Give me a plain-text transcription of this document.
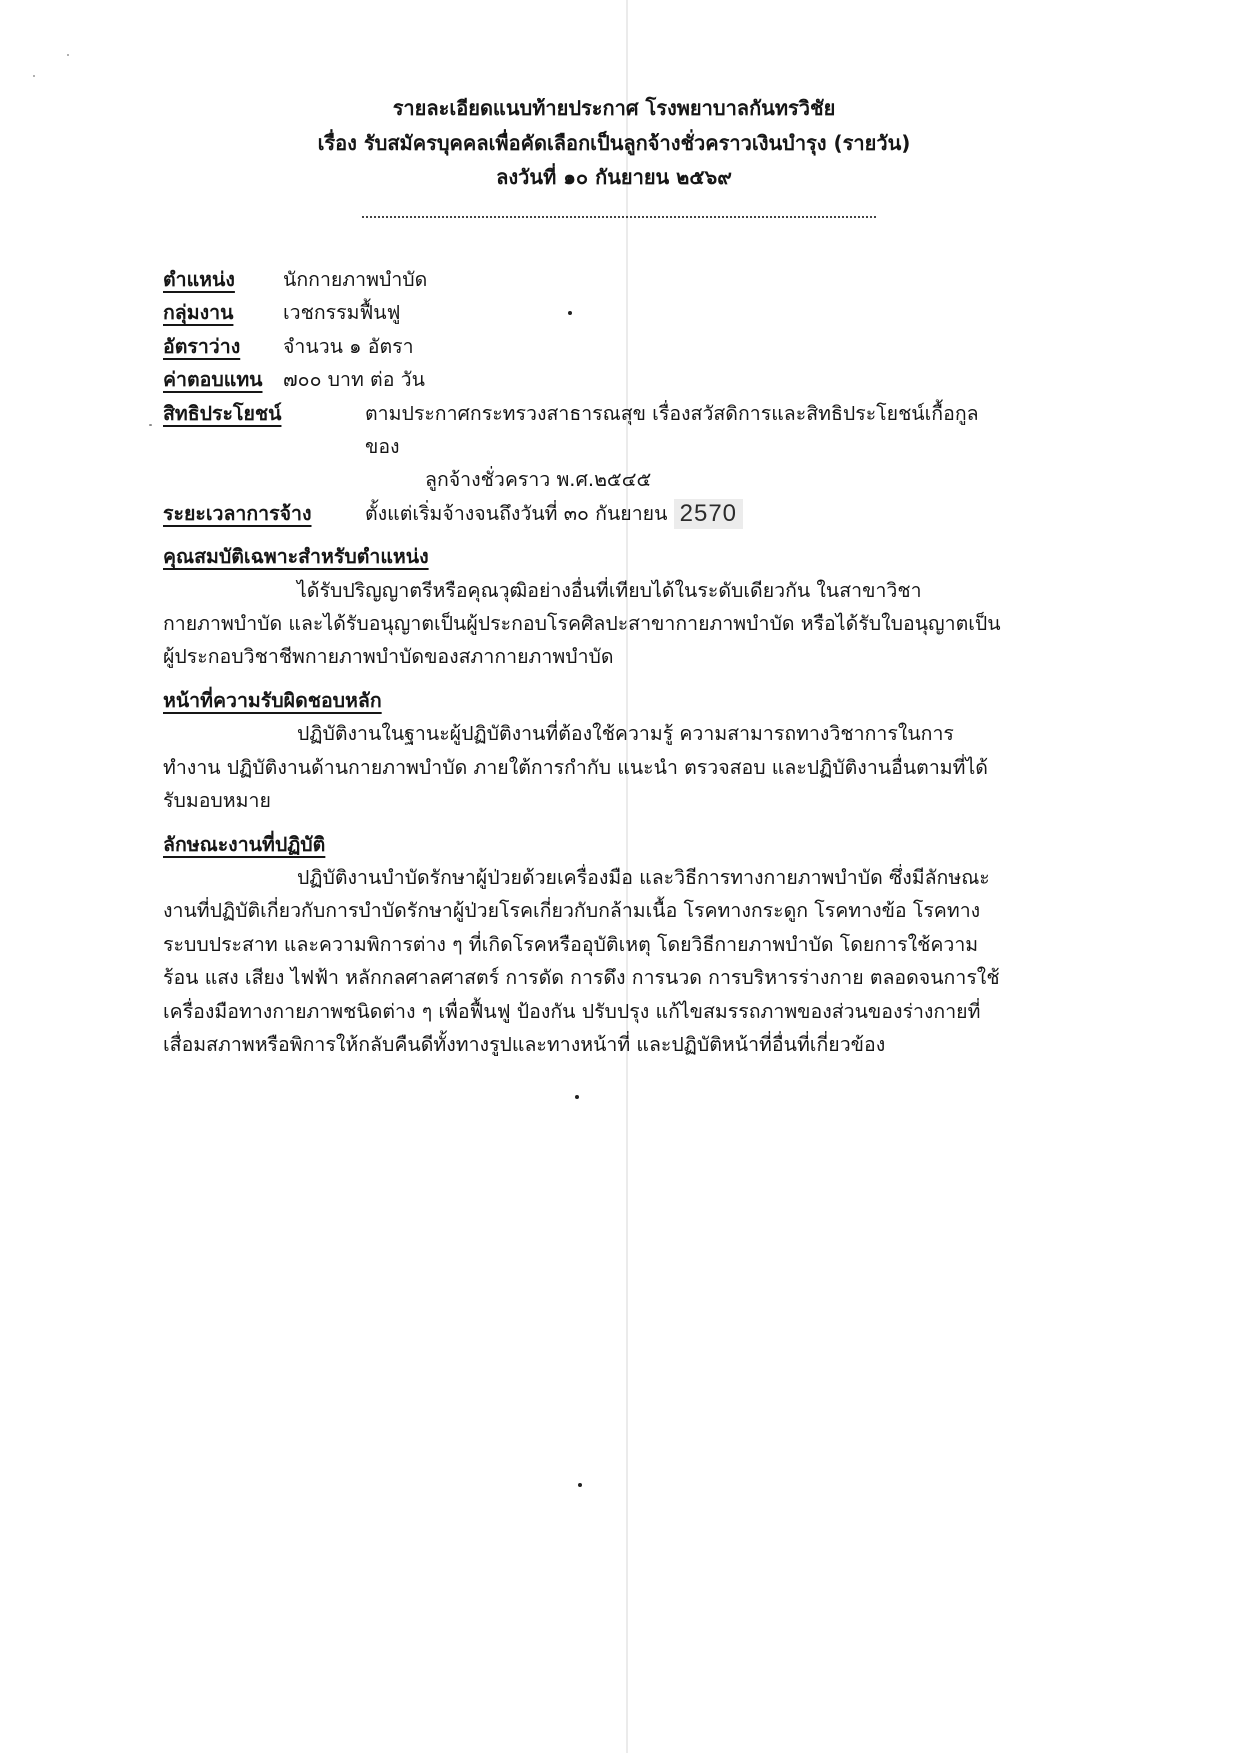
รายละเอียดแนบท้ายประกาศ โรงพยาบาลกันทรวิชัย
เรื่อง รับสมัครบุคคลเพื่อคัดเลือกเป็นลูกจ้างชั่วคราวเงินบำรุง (รายวัน)
ลงวันที่ ๑๐ กันยายน ๒๕๖๙
ตำแหน่ง นักกายภาพบำบัด
กลุ่มงาน	เวชกรรมฟื้นฟู
อัตราว่าง จำนวน ๑ อัตรา
ค่าตอบแทน ๗๐๐ บาท ต่อ วัน
สิทธิประโยชน์	ตามประกาศกระทรวงสาธารณสุข เรื่องสวัสดิการและสิทธิประโยชน์เกื้อกูลของ
ลูกจ้างชั่วคราว พ.ศ.๒๕๔๕
ระยะเวลาการจ้าง	ตั้งแต่เริ่มจ้างจนถึงวันที่ ๓๐ กันยายน 2570
คุณสมบัติเฉพาะสำหรับตำแหน่ง
ได้รับปริญญาตรีหรือคุณวุฒิอย่างอื่นที่เทียบได้ในระดับเดียวกัน ในสาขาวิชากายภาพบำบัด และได้รับอนุญาตเป็นผู้ประกอบโรคศิลปะสาขากายภาพบำบัด หรือได้รับใบอนุญาตเป็นผู้ประกอบวิชาชีพกายภาพบำบัดของสภากายภาพบำบัด
หน้าที่ความรับผิดชอบหลัก
ปฏิบัติงานในฐานะผู้ปฏิบัติงานที่ต้องใช้ความรู้ ความสามารถทางวิชาการในการทำงาน ปฏิบัติงานด้านกายภาพบำบัด ภายใต้การกำกับ แนะนำ ตรวจสอบ และปฏิบัติงานอื่นตามที่ได้รับมอบหมาย
ลักษณะงานที่ปฏิบัติ
ปฏิบัติงานบำบัดรักษาผู้ป่วยด้วยเครื่องมือ และวิธีการทางกายภาพบำบัด ซึ่งมีลักษณะงานที่ปฏิบัติเกี่ยวกับการบำบัดรักษาผู้ป่วยโรคเกี่ยวกับกล้ามเนื้อ โรคทางกระดูก โรคทางข้อ โรคทางระบบประสาท และความพิการต่าง ๆ ที่เกิดโรคหรืออุบัติเหตุ โดยวิธีกายภาพบำบัด โดยการใช้ความร้อน แสง เสียง ไฟฟ้า หลักกลศาลศาสตร์ การดัด การดึง การนวด การบริหารร่างกาย ตลอดจนการใช้เครื่องมือทางกายภาพชนิดต่าง ๆ เพื่อฟื้นฟู ป้องกัน ปรับปรุง แก้ไขสมรรถภาพของส่วนของร่างกายที่เสื่อมสภาพหรือพิการให้กลับคืนดีทั้งทางรูปและทางหน้าที่ และปฏิบัติหน้าที่อื่นที่เกี่ยวข้อง
